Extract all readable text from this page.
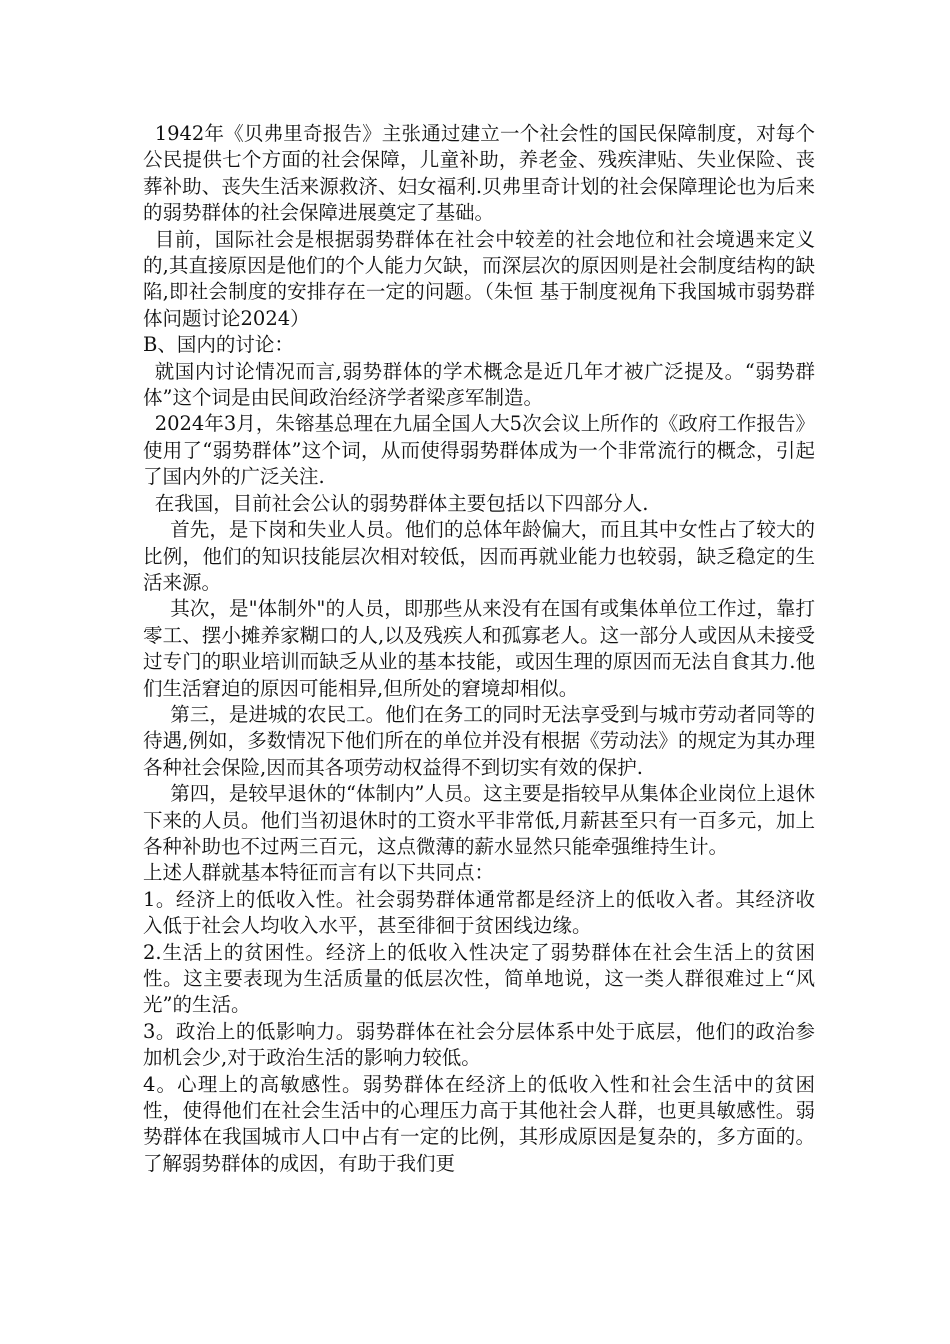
1942年《贝弗里奇报告》主张通过建立一个社会性的国民保障制度，对每个公民提供七个方面的社会保障，儿童补助，养老金、残疾津贴、失业保险、丧葬补助、丧失生活来源救济、妇女福利.贝弗里奇计划的社会保障理论也为后来的弱势群体的社会保障进展奠定了基础。

目前，国际社会是根据弱势群体在社会中较差的社会地位和社会境遇来定义的,其直接原因是他们的个人能力欠缺，而深层次的原因则是社会制度结构的缺陷,即社会制度的安排存在一定的问题。（朱恒 基于制度视角下我国城市弱势群体问题讨论2024）

B、国内的讨论：

就国内讨论情况而言,弱势群体的学术概念是近几年才被广泛提及。“弱势群体”这个词是由民间政治经济学者梁彦军制造。

2024年3月，朱镕基总理在九届全国人大5次会议上所作的《政府工作报告》使用了“弱势群体”这个词，从而使得弱势群体成为一个非常流行的概念，引起了国内外的广泛关注.

在我国，目前社会公认的弱势群体主要包括以下四部分人.

首先，是下岗和失业人员。他们的总体年龄偏大，而且其中女性占了较大的比例，他们的知识技能层次相对较低，因而再就业能力也较弱，缺乏稳定的生活来源。

其次，是"体制外"的人员，即那些从来没有在国有或集体单位工作过，靠打零工、摆小摊养家糊口的人,以及残疾人和孤寡老人。这一部分人或因从未接受过专门的职业培训而缺乏从业的基本技能，或因生理的原因而无法自食其力.他们生活窘迫的原因可能相异,但所处的窘境却相似。

第三，是进城的农民工。他们在务工的同时无法享受到与城市劳动者同等的待遇,例如，多数情况下他们所在的单位并没有根据《劳动法》的规定为其办理各种社会保险,因而其各项劳动权益得不到切实有效的保护.

第四，是较早退休的“体制内”人员。这主要是指较早从集体企业岗位上退休下来的人员。他们当初退休时的工资水平非常低,月薪甚至只有一百多元，加上各种补助也不过两三百元，这点微薄的薪水显然只能牵强维持生计。

上述人群就基本特征而言有以下共同点：

1。经济上的低收入性。社会弱势群体通常都是经济上的低收入者。其经济收入低于社会人均收入水平，甚至徘徊于贫困线边缘。

2.生活上的贫困性。经济上的低收入性决定了弱势群体在社会生活上的贫困性。这主要表现为生活质量的低层次性，简单地说，这一类人群很难过上“风光”的生活。

3。政治上的低影响力。弱势群体在社会分层体系中处于底层，他们的政治参加机会少,对于政治生活的影响力较低。

4。心理上的高敏感性。弱势群体在经济上的低收入性和社会生活中的贫困性，使得他们在社会生活中的心理压力高于其他社会人群，也更具敏感性。弱势群体在我国城市人口中占有一定的比例，其形成原因是复杂的，多方面的。了解弱势群体的成因，有助于我们更
